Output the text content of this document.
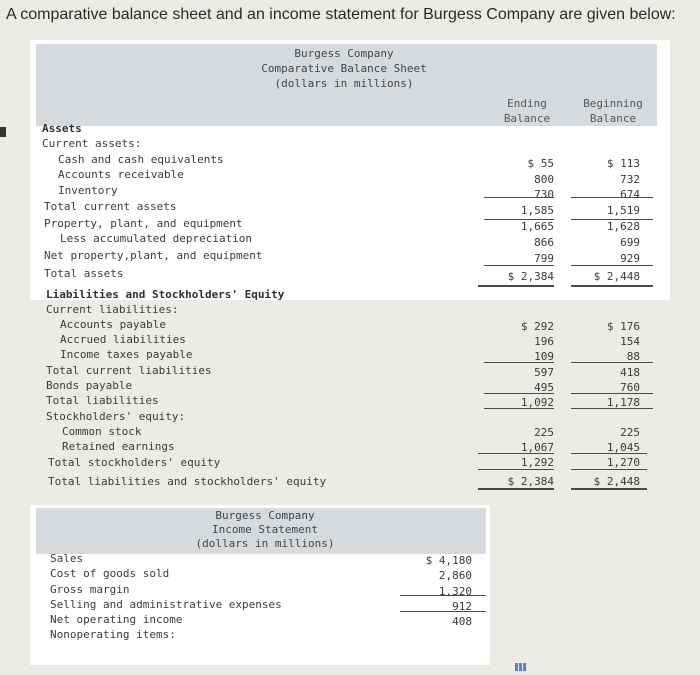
A comparative balance sheet and an income statement for Burgess Company are given below:
Burgess Company
Comparative Balance Sheet
(dollars in millions)
Ending
Balance
Beginning
Balance
Assets
Current assets:
Cash and cash equivalents	$ 55	$ 113
Accounts receivable	800	732
Inventory	730	674
Total current assets	1,585	1,519
Property, plant, and equipment	1,665	1,628
Less accumulated depreciation	866	699
Net property,plant, and equipment	799	929
Total assets	$ 2,384	$ 2,448
Liabilities and Stockholders' Equity
Current liabilities:
Accounts payable	$ 292	$ 176
Accrued liabilities	196	154
Income taxes payable	109	88
Total current liabilities	597	418
Bonds payable	495	760
Total liabilities	1,092	1,178
Stockholders' equity:
Common stock	225	225
Retained earnings	1,067	1,045
Total stockholders' equity	1,292	1,270
Total liabilities and stockholders' equity	$ 2,384	$ 2,448
Burgess Company
Income Statement
(dollars in millions)
Sales	$ 4,180
Cost of goods sold	2,860
Gross margin	1,320
Selling and administrative expenses	912
Net operating income	408
Nonoperating items:
